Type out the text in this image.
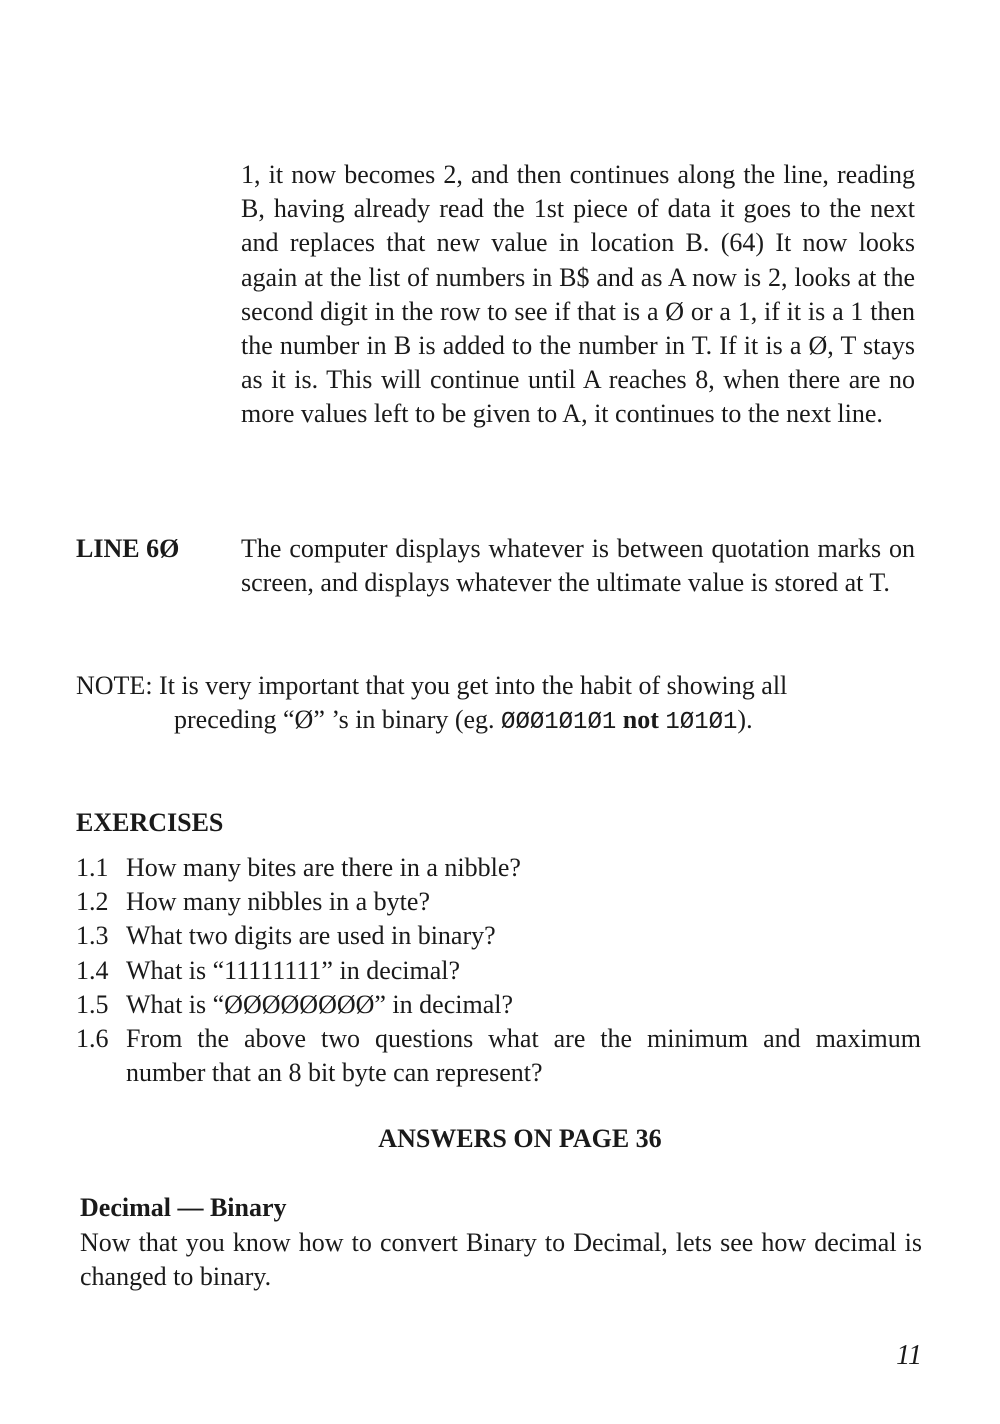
1, it now becomes 2, and then continues along the line, reading B, having already read the 1st piece of data it goes to the next and replaces that new value in location B. (64) It now looks again at the list of numbers in B$ and as A now is 2, looks at the second digit in the row to see if that is a Ø or a 1, if it is a 1 then the number in B is added to the number in T. If it is a Ø, T stays as it is. This will continue until A reaches 8, when there are no more values left to be given to A, it continues to the next line.

LINE 6Ø The computer displays whatever is between quotation marks on screen, and displays whatever the ultimate value is stored at T.

NOTE: It is very important that you get into the habit of showing all
preceding “Ø” ’s in binary (eg. ØØØ1Ø1Ø1 not 1Ø1Ø1).
EXERCISES
1.1 How many bites are there in a nibble?
1.2 How many nibbles in a byte?
1.3 What two digits are used in binary?
1.4 What is “11111111” in decimal?
1.5 What is “ØØØØØØØØ” in decimal?
1.6 From the above two questions what are the minimum and maximum number that an 8 bit byte can represent?
ANSWERS ON PAGE 36
Decimal — Binary

Now that you know how to convert Binary to Decimal, lets see how decimal is changed to binary.

11
